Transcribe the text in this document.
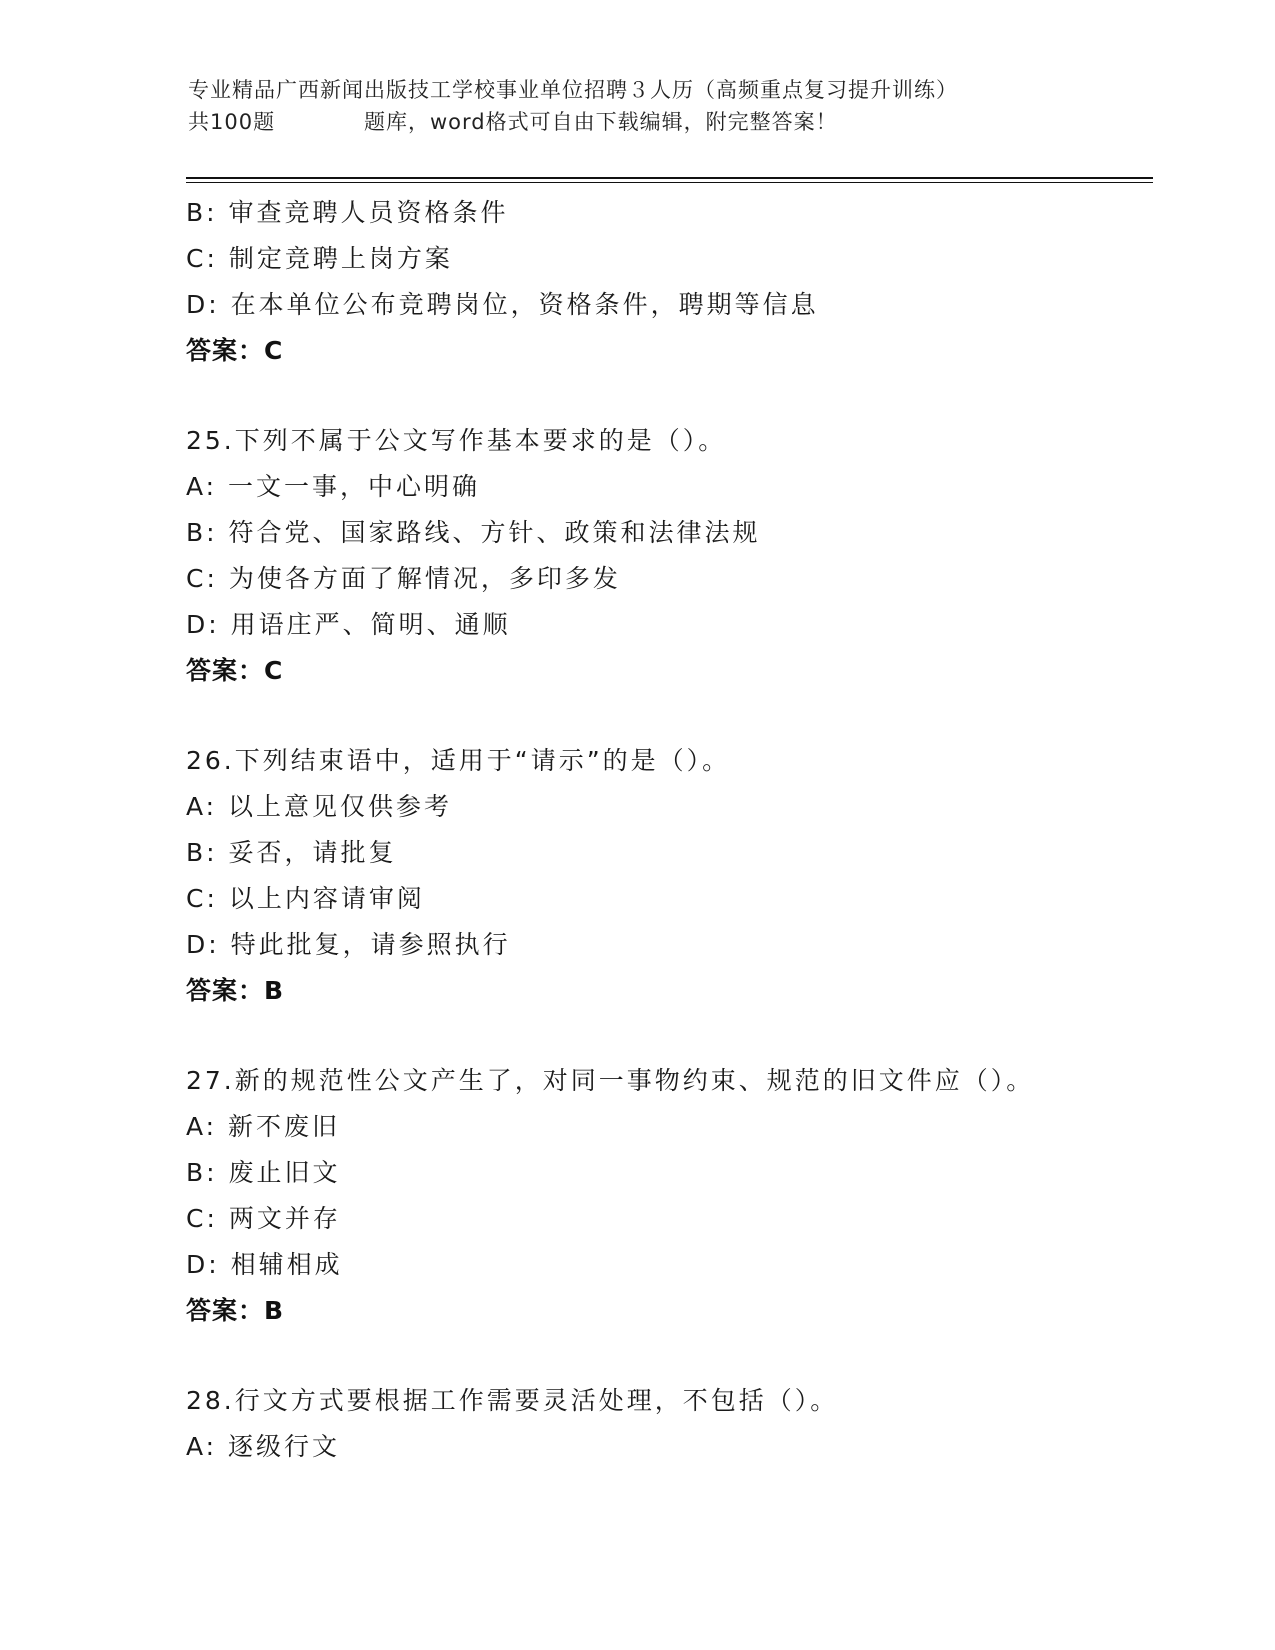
专业精品广西新闻出版技工学校事业单位招聘３人历（高频重点复习提升训练）
共100题	题库，word格式可自由下载编辑，附完整答案！
B: 审查竞聘人员资格条件
C: 制定竞聘上岗方案
D: 在本单位公布竞聘岗位，资格条件，聘期等信息
答案：C
25.下列不属于公文写作基本要求的是（）。
A: 一文一事，中心明确
B: 符合党、国家路线、方针、政策和法律法规
C: 为使各方面了解情况，多印多发
D: 用语庄严、简明、通顺
答案：C
26.下列结束语中，适用于“请示”的是（）。
A: 以上意见仅供参考
B: 妥否，请批复
C: 以上内容请审阅
D: 特此批复，请参照执行
答案：B
27.新的规范性公文产生了，对同一事物约束、规范的旧文件应（）。
A: 新不废旧
B: 废止旧文
C: 两文并存
D: 相辅相成
答案：B
28.行文方式要根据工作需要灵活处理，不包括（）。
A: 逐级行文
